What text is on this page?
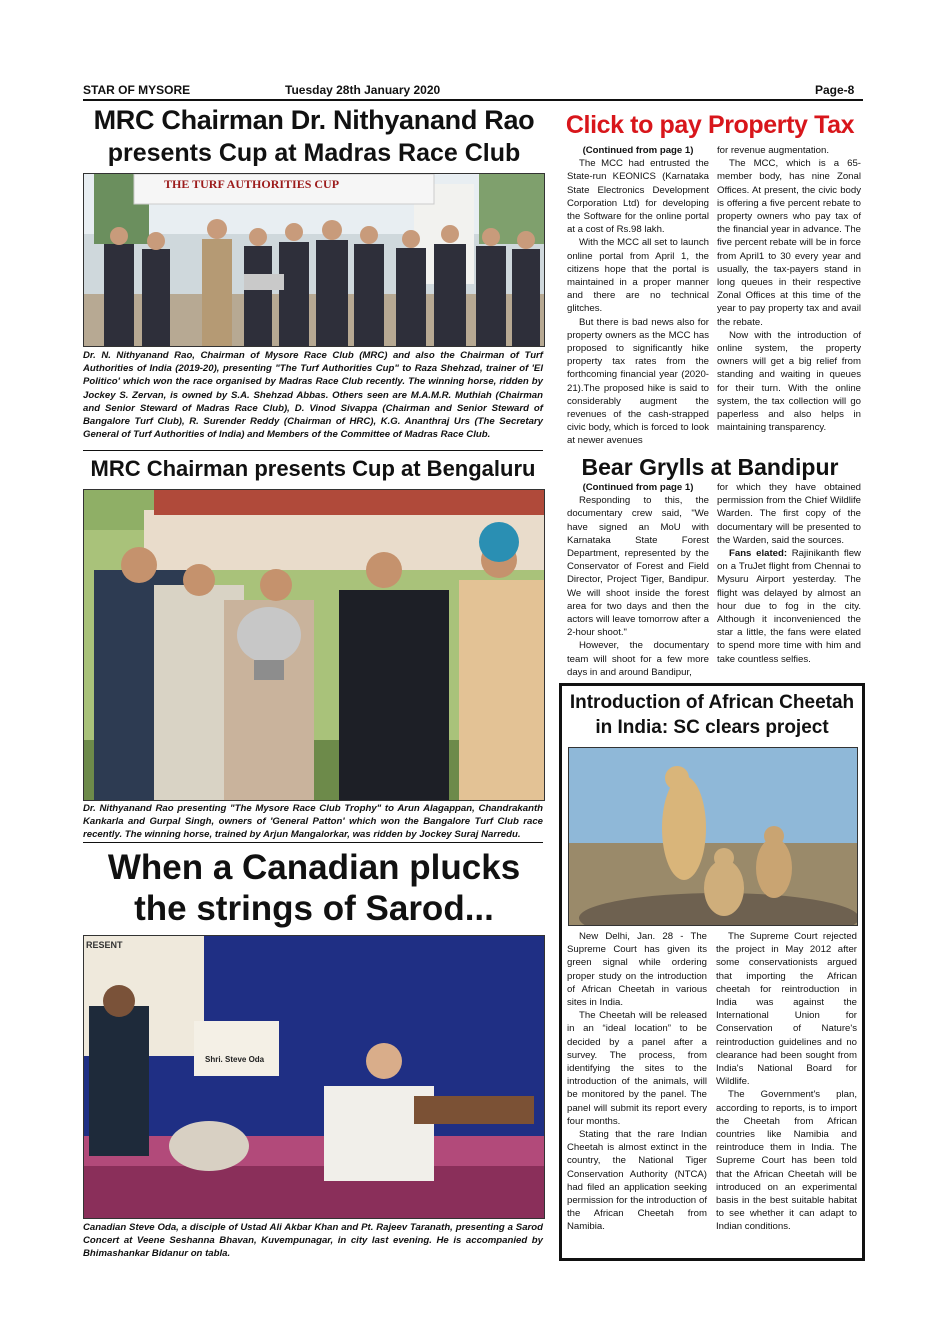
STAR OF MYSORE	Tuesday 28th January 2020	Page-8
MRC Chairman Dr. Nithyanand Rao
presents Cup at Madras Race Club
THE TURF AUTHORITIES CUP
Dr. N. Nithyanand Rao, Chairman of Mysore Race Club (MRC) and also the Chairman of Turf Authorities of India (2019-20), presenting "The Turf Authorities Cup" to Raza Shehzad, trainer of 'El Politico' which won the race organised by Madras Race Club recently. The winning horse, ridden by Jockey S. Zervan, is owned by S.A. Shehzad Abbas. Others seen are M.A.M.R. Muthiah (Chairman and Senior Steward of Madras Race Club), D. Vinod Sivappa (Chairman and Senior Steward of Bangalore Turf Club), R. Surender Reddy (Chairman of HRC), K.G. Ananthraj Urs (The Secretary General of Turf Authorities of India) and Members of the Committee of Madras Race Club.
MRC Chairman presents Cup at Bengaluru
Dr. Nithyanand Rao presenting "The Mysore Race Club Trophy" to Arun Alagappan, Chandrakanth Kankarla and Gurpal Singh, owners of 'General Patton' which won the Bangalore Turf Club race recently. The winning horse, trained by Arjun Mangalorkar, was ridden by Jockey Suraj Narredu.
When a Canadian plucks
the strings of Sarod...
RESENT
Shri. Steve Oda
Canadian Steve Oda, a disciple of Ustad Ali Akbar Khan and Pt. Rajeev Taranath, presenting a Sarod Concert at Veene Seshanna Bhavan, Kuvempunagar, in city last evening. He is accompanied by Bhimashankar Bidanur on tabla.
Click to pay Property Tax

(Continued from page 1)

The MCC had entrusted the State-run KEONICS (Karnataka State Electronics Development Corporation Ltd) for developing the Software for the online portal at a cost of Rs.98 lakh.

With the MCC all set to launch online portal from April 1, the citizens hope that the portal is maintained in a proper manner and there are no technical glitches.

But there is bad news also for property owners as the MCC has proposed to significantly hike property tax rates from the forthcoming financial year (2020-21).The proposed hike is said to considerably augment the revenues of the cash-strapped civic body, which is forced to look at newer avenues

for revenue augmentation.

The MCC, which is a 65-member body, has nine Zonal Offices. At present, the civic body is offering a five percent rebate to property owners who pay tax of the financial year in advance. The five percent rebate will be in force from April1 to 30 every year and usually, the tax-payers stand in long queues in their respective Zonal Offices at this time of the year to pay property tax and avail the rebate.

Now with the introduction of online system, the property owners will get a big relief from standing and waiting in queues for their turn. With the online system, the tax collection will go paperless and also helps in maintaining transparency.

Bear Grylls at Bandipur

(Continued from page 1)

Responding to this, the documentary crew said, "We have signed an MoU with Karnataka State Forest Department, represented by the Conservator of Forest and Field Director, Project Tiger, Bandipur. We will shoot inside the forest area for two days and then the actors will leave tomorrow after a 2-hour shoot."

However, the documentary team will shoot for a few more days in and around Bandipur,

for which they have obtained permission from the Chief Wildlife Warden. The first copy of the documentary will be presented to the Warden, said the sources.

Fans elated: Rajinikanth flew on a TruJet flight from Chennai to Mysuru Airport yesterday. The flight was delayed by almost an hour due to fog in the city. Although it inconvenienced the star a little, the fans were elated to spend more time with him and take countless selfies.

Introduction of African Cheetah
in India: SC clears project

New Delhi, Jan. 28 - The Supreme Court has given its green signal while ordering proper study on the introduction of African Cheetah in various sites in India.

The Cheetah will be released in an “ideal location” to be decided by a panel after a survey. The process, from identifying the sites to the introduction of the animals, will be monitored by the panel. The panel will submit its report every four months.

Stating that the rare Indian Cheetah is almost extinct in the country, the National Tiger Conservation Authority (NTCA) had filed an application seeking permission for the introduction of the African Cheetah from Namibia.

The Supreme Court rejected the project in May 2012 after some conservationists argued that importing the African cheetah for reintroduction in India was against the International Union for Conservation of Nature's reintroduction guidelines and no clearance had been sought from India's National Board for Wildlife.

The Government's plan, according to reports, is to import the Cheetah from African countries like Namibia and reintroduce them in India. The Supreme Court has been told that the African Cheetah will be introduced on an experimental basis in the best suitable habitat to see whether it can adapt to Indian conditions.
